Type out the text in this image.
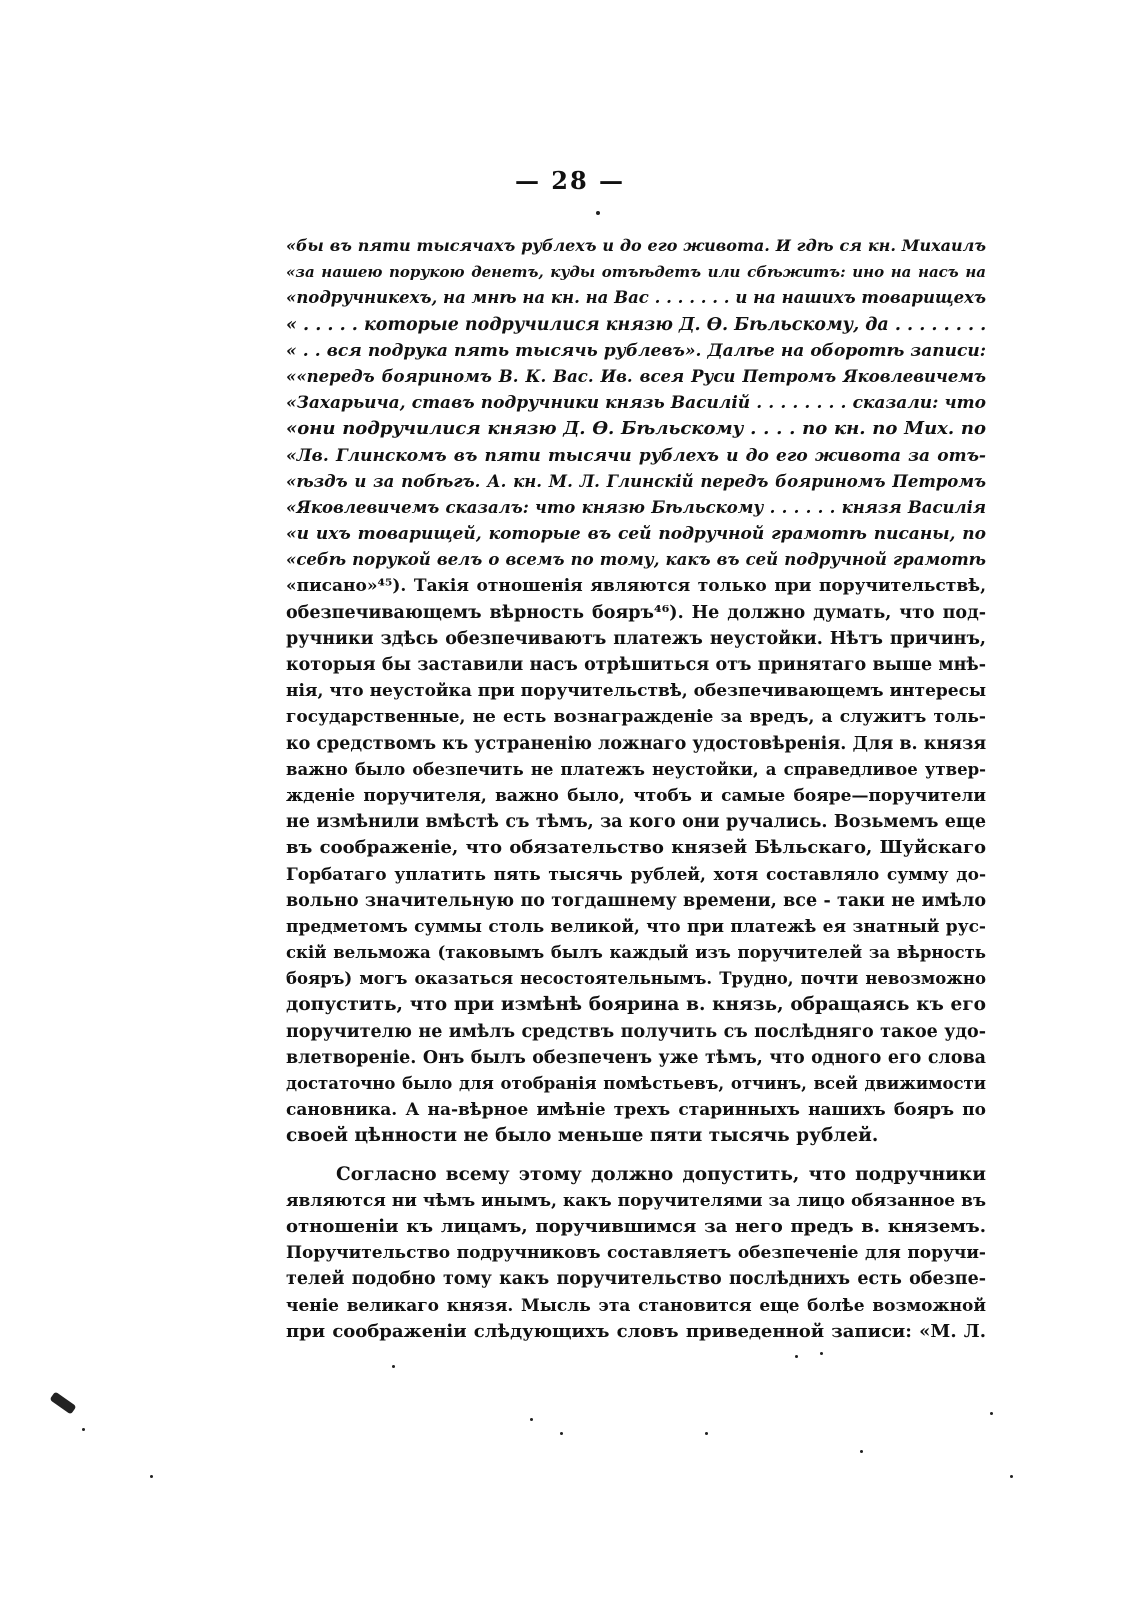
— 28 —
«бы въ пяти тысячахъ рублехъ и до его живота. И гдѣ ся кн. Михаилъ
«за нашею порукою денетъ, куды отъѣдетъ или сбѣжитъ: ино на насъ на
«подручникехъ, на мнѣ на кн. на Вас . . . . . . . и на нашихъ товарищехъ
« . . . . . которые подручилися князю Д. Ө. Бѣльскому, да . . . . . . . .
« . . вся подрука пять тысячь рублевъ». Далѣе на оборотѣ записи:
««передъ бояриномъ В. К. Вас. Ив. всея Руси Петромъ Яковлевичемъ
«Захарьича, ставъ подручники князь Василій . . . . . . . . сказали: что
«они подручилися князю Д. Ө. Бѣльскому . . . . по кн. по Мих. по
«Лв. Глинскомъ въ пяти тысячи рублехъ и до его живота за отъ-
«ѣздъ и за побѣгъ. А. кн. М. Л. Глинскій передъ бояриномъ Петромъ
«Яковлевичемъ сказалъ: что князю Бѣльскому . . . . . . князя Василія
«и ихъ товарищей, которые въ сей подручной грамотѣ писаны, по
«себѣ порукой велъ о всемъ по тому, какъ въ сей подручной грамотѣ
«писано»⁴⁵). Такія отношенія являются только при поручительствѣ,
обезпечивающемъ вѣрность бояръ⁴⁶). Не должно думать, что под-
ручники здѣсь обезпечиваютъ платежъ неустойки. Нѣтъ причинъ,
которыя бы заставили насъ отрѣшиться отъ принятаго выше мнѣ-
нія, что неустойка при поручительствѣ, обезпечивающемъ интересы
государственные, не есть вознагражденіе за вредъ, а служитъ толь-
ко средствомъ къ устраненію ложнаго удостовѣренія. Для в. князя
важно было обезпечить не платежъ неустойки, а справедливое утвер-
жденіе поручителя, важно было, чтобъ и самые бояре—поручители
не измѣнили вмѣстѣ съ тѣмъ, за кого они ручались. Возьмемъ еще
въ соображеніе, что обязательство князей Бѣльскаго, Шуйскаго
Горбатаго уплатить пять тысячь рублей, хотя составляло сумму до-
вольно значительную по тогдашнему времени, все - таки не имѣло
предметомъ суммы столь великой, что при платежѣ ея знатный рус-
скій вельможа (таковымъ былъ каждый изъ поручителей за вѣрность
бояръ) могъ оказаться несостоятельнымъ. Трудно, почти невозможно
допустить, что при измѣнѣ боярина в. князь, обращаясь къ его
поручителю не имѣлъ средствъ получить съ послѣдняго такое удо-
влетвореніе. Онъ былъ обезпеченъ уже тѣмъ, что одного его слова
достаточно было для отобранія помѣстьевъ, отчинъ, всей движимости
сановника. А на-вѣрное имѣніе трехъ старинныхъ нашихъ бояръ по
своей цѣнности не было меньше пяти тысячь рублей.
Согласно всему этому должно допустить, что подручники
являются ни чѣмъ инымъ, какъ поручителями за лицо обязанное въ
отношеніи къ лицамъ, поручившимся за него предъ в. княземъ.
Поручительство подручниковъ составляетъ обезпеченіе для поручи-
телей подобно тому какъ поручительство послѣднихъ есть обезпе-
ченіе великаго князя. Мысль эта становится еще болѣе возможной
при соображеніи слѣдующихъ словъ приведенной записи: «М. Л.
